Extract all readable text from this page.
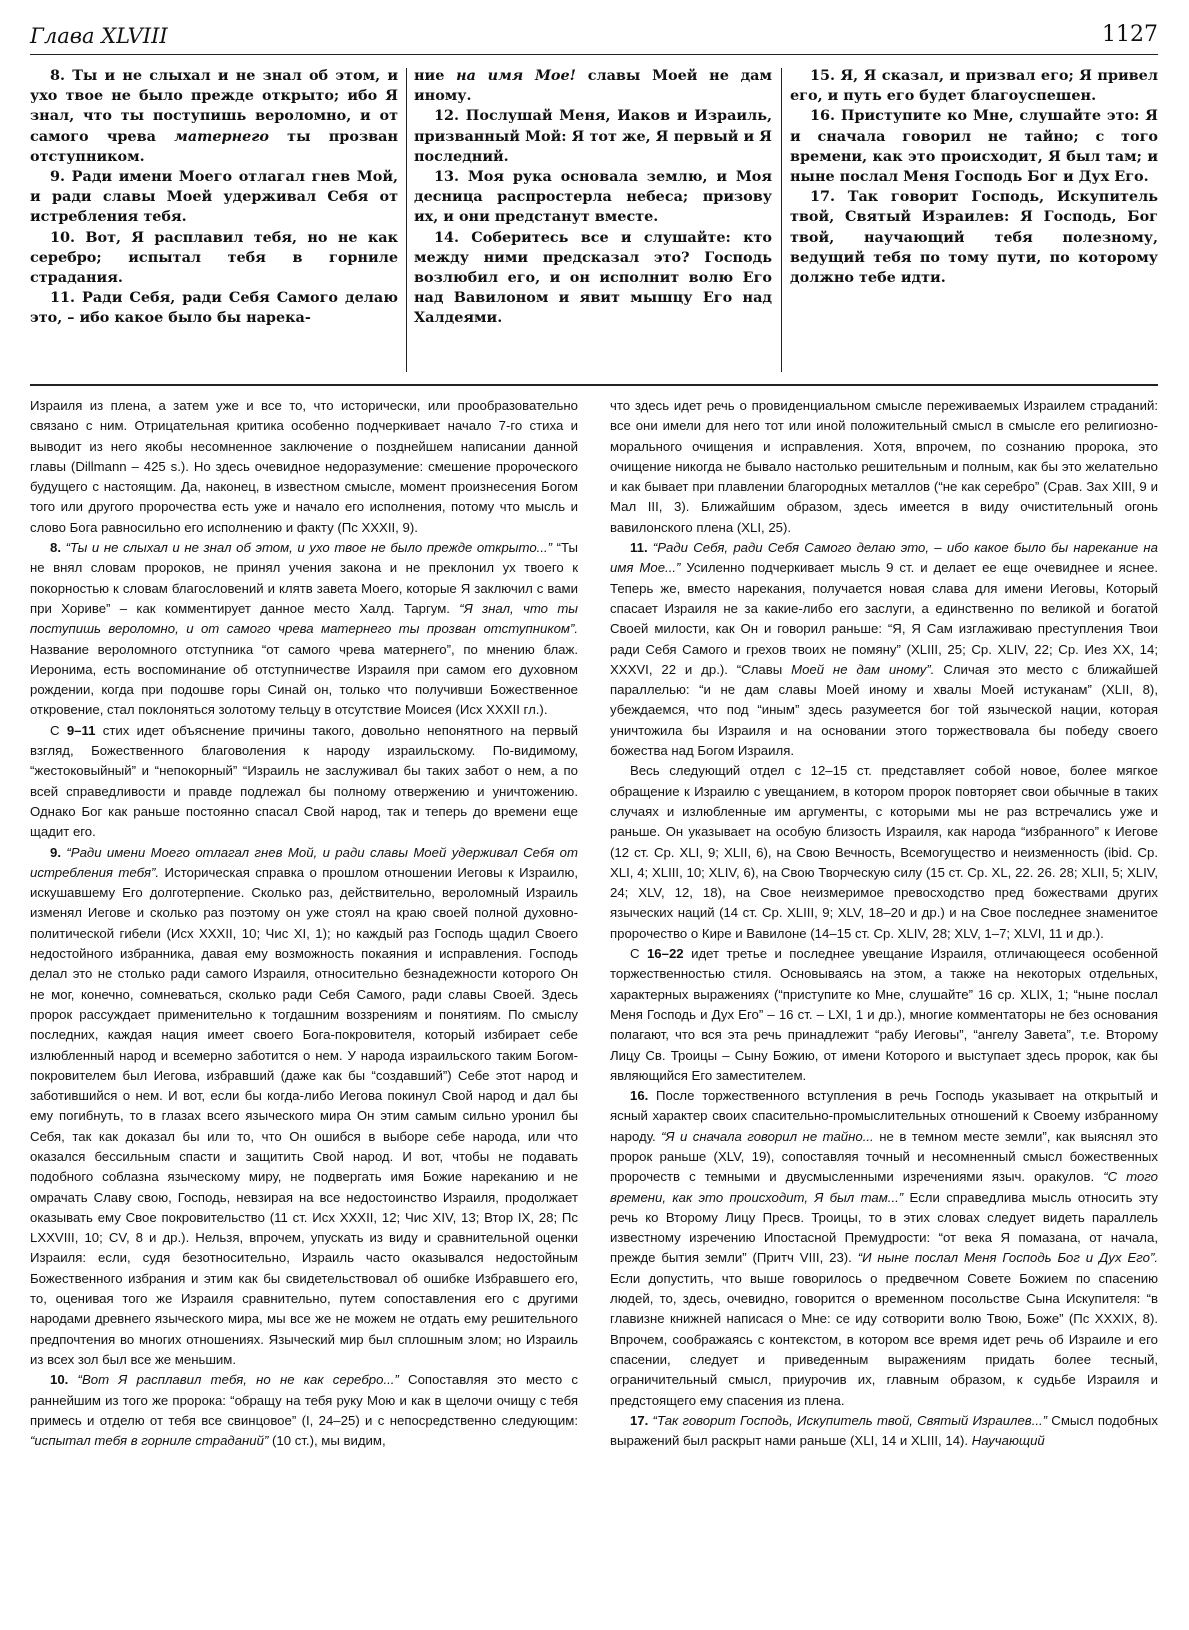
Глава XLVIII	1127

8. Ты и не слыхал и не знал об этом, и ухо твое не было прежде открыто; ибо Я знал, что ты поступишь вероломно, и от самого чрева матернего ты прозван отступником.

9. Ради имени Моего отлагал гнев Мой, и ради славы Моей удерживал Себя от истребления тебя.

10. Вот, Я расплавил тебя, но не как серебро; испытал тебя в горниле страдания.

11. Ради Себя, ради Себя Самого делаю это, – ибо какое было бы нарека-

ние на имя Мое! славы Моей не дам иному.

12. Послушай Меня, Иаков и Израиль, призванный Мой: Я тот же, Я первый и Я последний.

13. Моя рука основала землю, и Моя десница распростерла небеса; призову их, и они предстанут вместе.

14. Соберитесь все и слушайте: кто между ними предсказал это? Господь возлюбил его, и он исполнит волю Его над Вавилоном и явит мышцу Его над Халдеями.

15. Я, Я сказал, и призвал его; Я привел его, и путь его будет благоуспешен.

16. Приступите ко Мне, слушайте это: Я и сначала говорил не тайно; с того времени, как это происходит, Я был там; и ныне послал Меня Господь Бог и Дух Его.

17. Так говорит Господь, Искупитель твой, Святый Израилев: Я Господь, Бог твой, научающий тебя полезному, ведущий тебя по тому пути, по которому должно тебе идти.

Израиля из плена, а затем уже и все то, что исторически, или прообразовательно связано с ним. Отрицательная критика особенно подчеркивает начало 7-го стиха и выводит из него якобы несомненное заключение о позднейшем написании данной главы (Dillmann – 425 s.). Но здесь очевидное недоразумение: смешение пророческого будущего с настоящим. Да, наконец, в известном смысле, момент произнесения Богом того или другого пророчества есть уже и начало его исполнения, потому что мысль и слово Бога равносильно его исполнению и факту (Пс XXXII, 9).

8. “Ты и не слыхал и не знал об этом, и ухо твое не было прежде открыто...” “Ты не внял словам пророков, не принял учения закона и не преклонил ух твоего к покорностью к словам благословений и клятв завета Моего, которые Я заключил с вами при Хориве” – как комментирует данное место Халд. Таргум. “Я знал, что ты поступишь вероломно, и от самого чрева матернего ты прозван отступником”. Название вероломного отступника “от самого чрева матернего”, по мнению блаж. Иеронима, есть воспоминание об отступничестве Израиля при самом его духовном рождении, когда при подошве горы Синай он, только что получивши Божественное откровение, стал поклоняться золотому тельцу в отсутствие Моисея (Исх XXXII гл.).

С 9–11 стих идет объяснение причины такого, довольно непонятного на первый взгляд, Божественного благоволения к народу израильскому. По-видимому, “жестоковыйный” и “непокорный” “Израиль не заслуживал бы таких забот о нем, а по всей справедливости и правде подлежал бы полному отвержению и уничтожению. Однако Бог как раньше постоянно спасал Свой народ, так и теперь до времени еще щадит его.

9. “Ради имени Моего отлагал гнев Мой, и ради славы Моей удерживал Себя от истребления тебя”. Историческая справка о прошлом отношении Иеговы к Израилю, искушавшему Его долготерпение. Сколько раз, действительно, вероломный Израиль изменял Иегове и сколько раз поэтому он уже стоял на краю своей полной духовно-политической гибели (Исх XXXII, 10; Чис XI, 1); но каждый раз Господь щадил Своего недостойного избранника, давая ему возможность покаяния и исправления. Господь делал это не столько ради самого Израиля, относительно безнадежности которого Он не мог, конечно, сомневаться, сколько ради Себя Самого, ради славы Своей. Здесь пророк рассуждает применительно к тогдашним воззрениям и понятиям. По смыслу последних, каждая нация имеет своего Бога-покровителя, который избирает себе излюбленный народ и всемерно заботится о нем. У народа израильского таким Богом-покровителем был Иегова, избравший (даже как бы “создавший”) Себе этот народ и заботившийся о нем. И вот, если бы когда-либо Иегова покинул Свой народ и дал бы ему погибнуть, то в глазах всего языческого мира Он этим самым сильно уронил бы Себя, так как доказал бы или то, что Он ошибся в выборе себе народа, или что оказался бессильным спасти и защитить Свой народ. И вот, чтобы не подавать подобного соблазна языческому миру, не подвергать имя Божие нареканию и не омрачать Славу свою, Господь, невзирая на все недостоинство Израиля, продолжает оказывать ему Свое покровительство (11 ст. Исх XXXII, 12; Чис XIV, 13; Втор IX, 28; Пс LXXVIII, 10; CV, 8 и др.). Нельзя, впрочем, упускать из виду и сравнительной оценки Израиля: если, судя безотносительно, Израиль часто оказывался недостойным Божественного избрания и этим как бы свидетельствовал об ошибке Избравшего его, то, оценивая того же Израиля сравнительно, путем сопоставления его с другими народами древнего языческого мира, мы все же не можем не отдать ему решительного предпочтения во многих отношениях. Языческий мир был сплошным злом; но Израиль из всех зол был все же меньшим.

10. “Вот Я расплавил тебя, но не как серебро...” Сопоставляя это место с раннейшим из того же пророка: “обращу на тебя руку Мою и как в щелочи очищу с тебя примесь и отделю от тебя все свинцовое” (I, 24–25) и с непосредственно следующим: “испытал тебя в горниле страданий” (10 ст.), мы видим,

что здесь идет речь о провиденциальном смысле переживаемых Израилем страданий: все они имели для него тот или иной положительный смысл в смысле его религиозно-морального очищения и исправления. Хотя, впрочем, по сознанию пророка, это очищение никогда не бывало настолько решительным и полным, как бы это желательно и как бывает при плавлении благородных металлов (“не как серебро” (Срав. Зах XIII, 9 и Мал III, 3). Ближайшим образом, здесь имеется в виду очистительный огонь вавилонского плена (XLI, 25).

11. “Ради Себя, ради Себя Самого делаю это, – ибо какое было бы нарекание на имя Мое...” Усиленно подчеркивает мысль 9 ст. и делает ее еще очевиднее и яснее. Теперь же, вместо нарекания, получается новая слава для имени Иеговы, Который спасает Израиля не за какие-либо его заслуги, а единственно по великой и богатой Своей милости, как Он и говорил раньше: “Я, Я Сам изглаживаю преступления Твои ради Себя Самого и грехов твоих не помяну” (XLIII, 25; Ср. XLIV, 22; Ср. Иез XX, 14; XXXVI, 22 и др.). “Славы Моей не дам иному”. Сличая это место с ближайшей параллелью: “и не дам славы Моей иному и хвалы Моей истуканам” (XLII, 8), убеждаемся, что под “иным” здесь разумеется бог той языческой нации, которая уничтожила бы Израиля и на основании этого торжествовала бы победу своего божества над Богом Израиля.

Весь следующий отдел с 12–15 ст. представляет собой новое, более мягкое обращение к Израилю с увещанием, в котором пророк повторяет свои обычные в таких случаях и излюбленные им аргументы, с которыми мы не раз встречались уже и раньше. Он указывает на особую близость Израиля, как народа “избранного” к Иегове (12 ст. Ср. XLI, 9; XLII, 6), на Свою Вечность, Всемогущество и неизменность (ibid. Ср. XLI, 4; XLIII, 10; XLIV, 6), на Свою Творческую силу (15 ст. Ср. XL, 22. 26. 28; XLII, 5; XLIV, 24; XLV, 12, 18), на Свое неизмеримое превосходство пред божествами других языческих наций (14 ст. Ср. XLIII, 9; XLV, 18–20 и др.) и на Свое последнее знаменитое пророчество о Кире и Вавилоне (14–15 ст. Ср. XLIV, 28; XLV, 1–7; XLVI, 11 и др.).

С 16–22 идет третье и последнее увещание Израиля, отличающееся особенной торжественностью стиля. Основываясь на этом, а также на некоторых отдельных, характерных выражениях (“приступите ко Мне, слушайте” 16 ср. XLIX, 1; “ныне послал Меня Господь и Дух Его” – 16 ст. – LXI, 1 и др.), многие комментаторы не без основания полагают, что вся эта речь принадлежит “рабу Иеговы”, “ангелу Завета”, т.е. Второму Лицу Св. Троицы – Сыну Божию, от имени Которого и выступает здесь пророк, как бы являющийся Его заместителем.

16. После торжественного вступления в речь Господь указывает на открытый и ясный характер своих спасительно-промыслительных отношений к Своему избранному народу. “Я и сначала говорил не тайно... не в темном месте земли”, как выяснял это пророк раньше (XLV, 19), сопоставляя точный и несомненный смысл божественных пророчеств с темными и двусмысленными изречениями языч. оракулов. “С того времени, как это происходит, Я был там...” Если справедлива мысль относить эту речь ко Второму Лицу Пресв. Троицы, то в этих словах следует видеть параллель известному изречению Ипостасной Премудрости: “от века Я помазана, от начала, прежде бытия земли” (Притч VIII, 23). “И ныне послал Меня Господь Бог и Дух Его”. Если допустить, что выше говорилось о предвечном Совете Божием по спасению людей, то, здесь, очевидно, говорится о временном посольстве Сына Искупителя: “в главизне книжней написася о Мне: се иду сотворити волю Твою, Боже” (Пс XXXIX, 8). Впрочем, соображаясь с контекстом, в котором все время идет речь об Израиле и его спасении, следует и приведенным выражениям придать более тесный, ограничительный смысл, приурочив их, главным образом, к судьбе Израиля и предстоящего ему спасения из плена.

17. “Так говорит Господь, Искупитель твой, Святый Израилев...” Смысл подобных выражений был раскрыт нами раньше (XLI, 14 и XLIII, 14). Научающий
